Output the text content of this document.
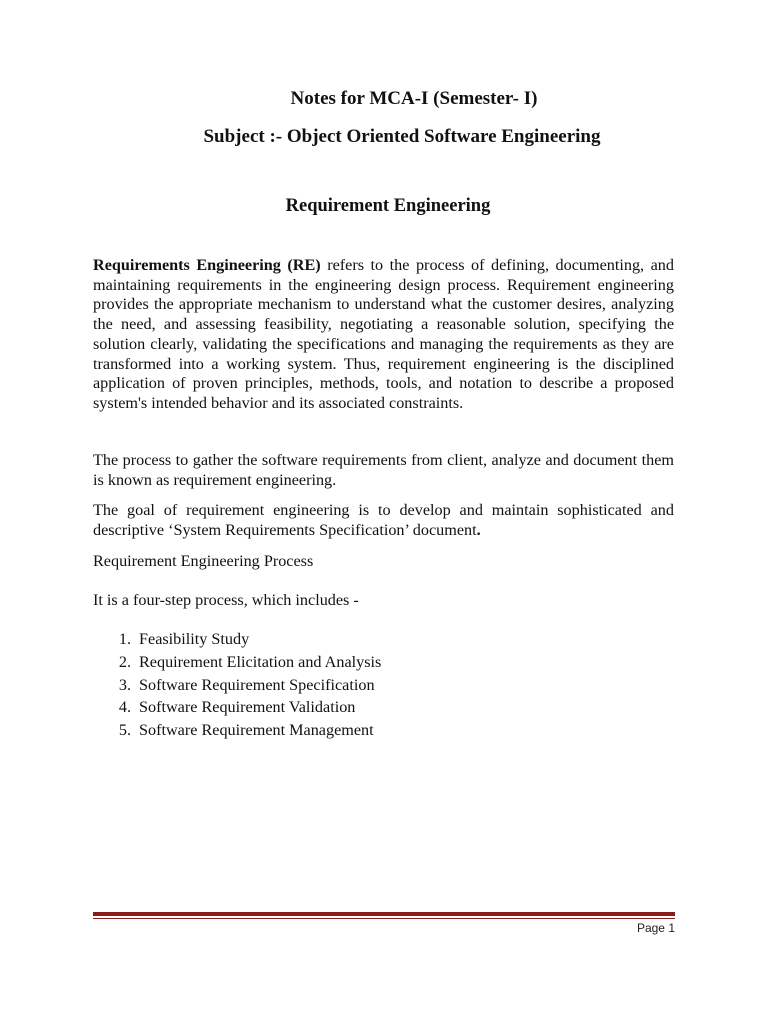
Notes for MCA-I (Semester- I)
Subject :- Object Oriented Software Engineering
Requirement Engineering

Requirements Engineering (RE) refers to the process of defining, documenting, and maintaining requirements in the engineering design process. Requirement engineering provides the appropriate mechanism to understand what the customer desires, analyzing the need, and assessing feasibility, negotiating a reasonable solution, specifying the solution clearly, validating the specifications and managing the requirements as they are transformed into a working system. Thus, requirement engineering is the disciplined application of proven principles, methods, tools, and notation to describe a proposed system's intended behavior and its associated constraints.

The process to gather the software requirements from client, analyze and document them is known as requirement engineering.

The goal of requirement engineering is to develop and maintain sophisticated and descriptive ‘System Requirements Specification’ document.

Requirement Engineering Process

It is a four-step process, which includes -

1. Feasibility Study
2. Requirement Elicitation and Analysis
3. Software Requirement Specification
4. Software Requirement Validation
5. Software Requirement Management
Page 1
